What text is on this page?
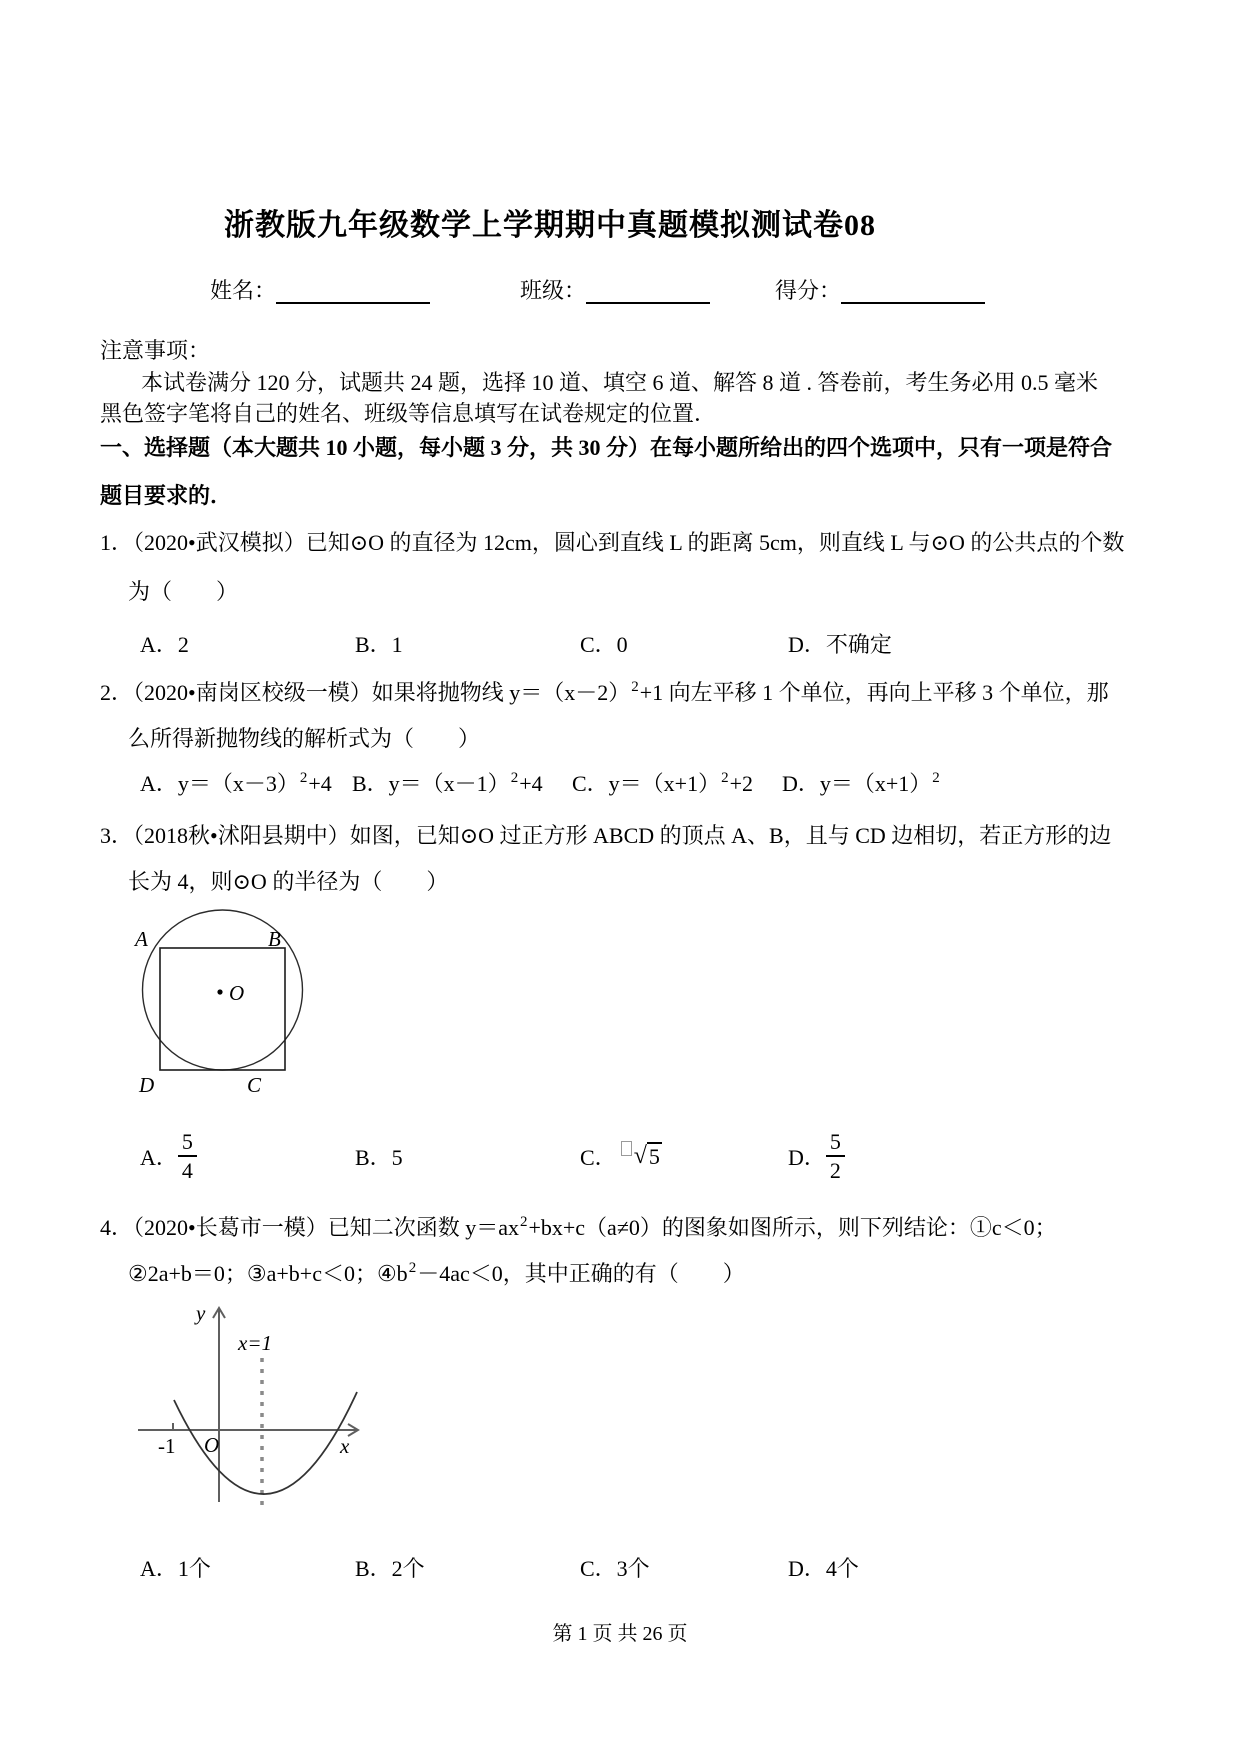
浙教版九年级数学上学期期中真题模拟测试卷08
姓名：	班级：	得分：
注意事项：
本试卷满分 120 分，试题共 24 题，选择 10 道、填空 6 道、解答 8 道 . 答卷前，考生务必用 0.5 毫米
黑色签字笔将自己的姓名、班级等信息填写在试卷规定的位置．
一、选择题（本大题共 10 小题，每小题 3 分，共 30 分）在每小题所给出的四个选项中，只有一项是符合
题目要求的．
1．（2020•武汉模拟）已知⊙O 的直径为 12cm，圆心到直线 L 的距离 5cm，则直线 L 与⊙O 的公共点的个数
为（　　）
A．2	B．1	C．0	D．不确定
2．（2020•南岗区校级一模）如果将抛物线 $y=(x-2)^2+1$ 向左平移 1 个单位，再向上平移 3 个单位，那
么所得新抛物线的解析式为（　　）
A．$y=(x-3)^2+4$ B．$y=(x-1)^2+4$ C．$y=(x+1)^2+2$ D．$y=(x+1)^2$
3．（2018秋•沭阳县期中）如图，已知⊙O 过正方形 ABCD 的顶点 A、B，且与 CD 边相切，若正方形的边
长为 4，则⊙O 的半径为（　　）
A	B
D	C
O
A． $\frac{5}{4}$	B．5	C． √ 5	D． $\frac{5}{2}$
4．（2020•长葛市一模）已知二次函数 $y=ax^2+bx+c(a\ne 0)$的图象如图所示，则下列结论：①c＜0；
②2a+b＝0；③a+b+c＜0；$④b^2-4ac<0$，其中正确的有（　　）
y
x
O
x=1
-1
A．1个	B．2个	C．3个	D．4个
第 1 页 共 26 页
